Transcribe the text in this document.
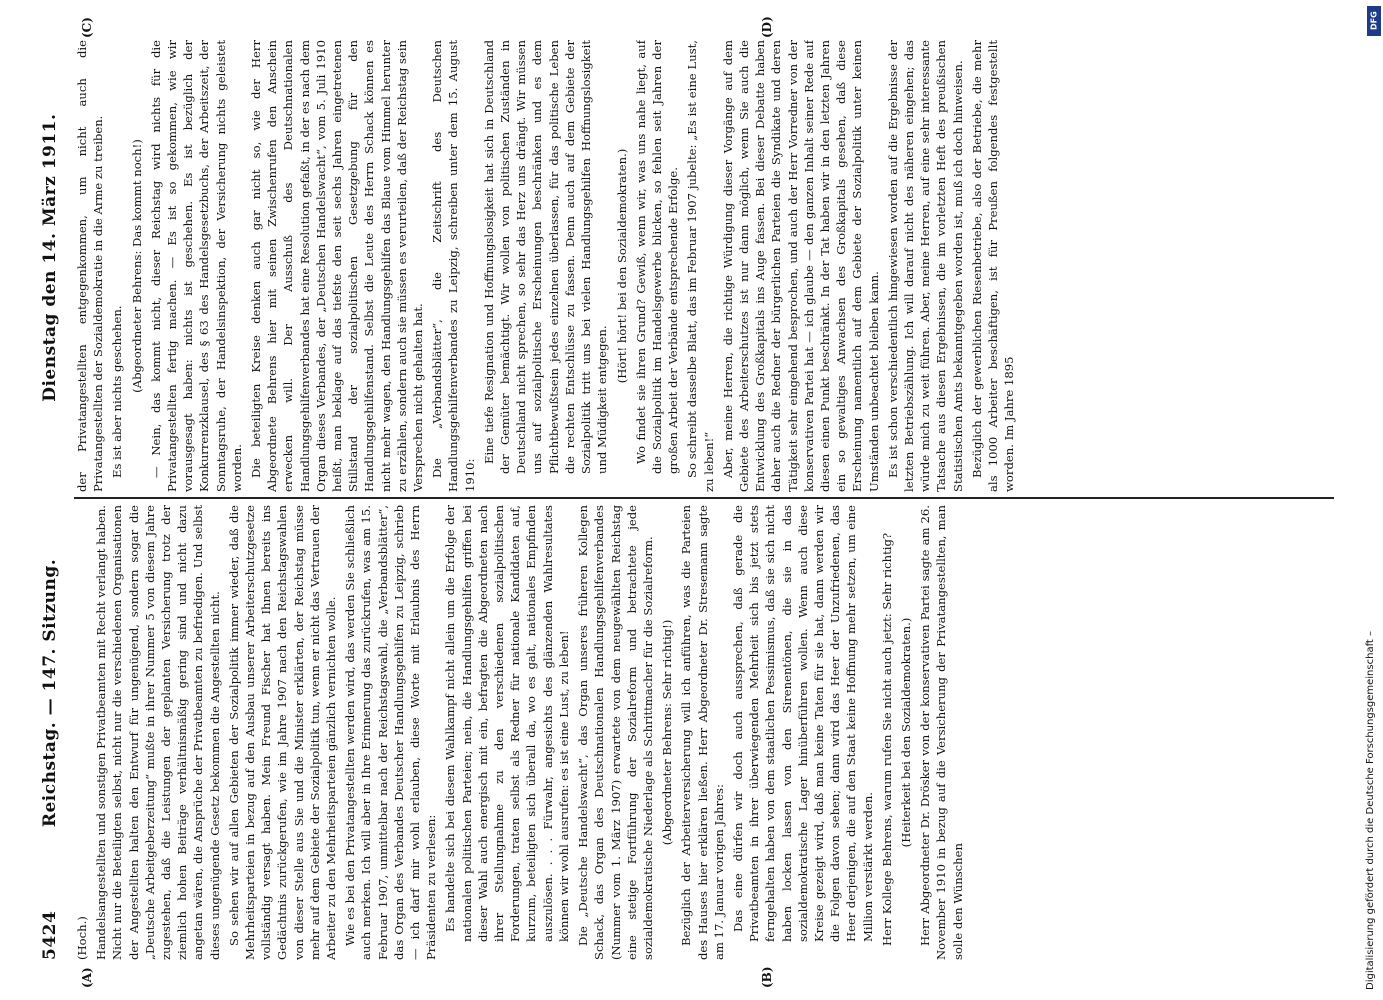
5424
Reichstag. — 147. Sitzung.
Dienstag den 14. März 1911.
(A)	(B)
(C)	(D)

(Hoch.) Handelsangestellten und sonstigen Privatbeamten mit Recht verlangt haben. Nicht nur die Beteiligten selbst, nicht nur die verschiedenen Organisationen der Angestellten halten den Entwurf für ungenügend, sondern sogar die „Deutsche Arbeitgeberzeitung“ mußte in ihrer Nummer 5 von diesem Jahre zugestehen, daß die Leistungen der geplanten Versicherung trotz der ziemlich hohen Beiträge verhältnismäßig gering sind und nicht dazu angetan wären, die Ansprüche der Privatbeamten zu befriedigen. Und selbst dieses ungenügende Gesetz bekommen die Angestellten nicht. So sehen wir auf allen Gebieten der Sozialpolitik immer wieder, daß die Mehrheitsparteien in bezug auf den Ausbau unserer Arbeiterschutzgesetze vollständig versagt haben. Mein Freund Fischer hat Ihnen bereits ins Gedächtnis zurückgerufen, wie im Jahre 1907 nach den Reichstagswahlen von dieser Stelle aus Sie und die Minister erklärten, der Reichstag müsse mehr auf dem Gebiete der Sozialpolitik tun, wenn er nicht das Vertrauen der Arbeiter zu den Mehrheitsparteien gänzlich vernichten wolle. Wie es bei den Privatangestellten werden wird, das werden Sie schließlich auch merken. Ich will aber in Ihre Erinnerung das zurückrufen, was am 15. Februar 1907, unmittelbar nach der Reichstagswahl, die „Verbandsblätter“, das Organ des Verbandes Deutscher Handlungsgehilfen zu Leipzig, schrieb — ich darf mir wohl erlauben, diese Worte mit Erlaubnis des Herrn Präsidenten zu verlesen: Es handelte sich bei diesem Wahlkampf nicht allein um die Erfolge der nationalen politischen Parteien; nein, die Handlungsgehilfen griffen bei dieser Wahl auch energisch mit ein, befragten die Abgeordneten nach ihrer Stellungnahme zu den verschiedenen sozialpolitischen Forderungen, traten selbst als Redner für nationale Kandidaten auf, kurzum, beteiligten sich überall da, wo es galt, nationales Empfinden auszulösen. . . . Fürwahr, angesichts des glänzenden Wahlresultates können wir wohl ausrufen: es ist eine Lust, zu leben! Die „Deutsche Handelswacht“, das Organ unseres früheren Kollegen Schack, das Organ des Deutschnationalen Handlungsgehilfenverbandes (Nummer vom 1. März 1907) erwartete von dem neugewählten Reichstag eine stetige Fortführung der Sozialreform und betrachtete jede sozialdemokratische Niederlage als Schrittmacher für die Sozialreform. (Abgeordneter Behrens: Sehr richtig!) Bezüglich der Arbeiterversicherung will ich anführen, was die Parteien des Hauses hier erklären ließen. Herr Abgeordneter Dr. Stresemann sagte am 17. Januar vorigen Jahres: Das eine dürfen wir doch auch aussprechen, daß gerade die Privatbeamten in ihrer überwiegenden Mehrheit sich bis jetzt stets ferngehalten haben von dem staatlichen Pessimismus, daß sie sich nicht haben locken lassen von den Sirenentönen, die sie in das sozialdemokratische Lager hinüberführen wollen. Wenn auch diese Kreise gezeigt wird, daß man keine Taten für sie hat, dann werden wir die Folgen davon sehen; dann wird das Heer der Unzufriedenen, das Heer derjenigen, die auf den Staat keine Hoffnung mehr setzen, um eine Million verstärkt werden. Herr Kollege Behrens, warum rufen Sie nicht auch jetzt: Sehr richtig? (Heiterkeit bei den Sozialdemokraten.) Herr Abgeordneter Dr. Drösker von der konservativen Partei sagte am 26. November 1910 in bezug auf die Versicherung der Privatangestellten, man solle den Wünschen

der Privatangestellten entgegenkommen, um nicht auch die Privatangestellten der Sozialdemokratie in die Arme zu treiben. Es ist aber nichts geschehen. (Abgeordneter Behrens: Das kommt noch!) — Nein, das kommt nicht, dieser Reichstag wird nichts für die Privatangestellten fertig machen. — Es ist so gekommen, wie wir vorausgesagt haben: nichts ist geschehen. Es ist bezüglich der Konkurrenzklausel, des § 63 des Handelsgesetzbuchs, der Arbeitszeit, der Sonntagsruhe, der Handelsinspektion, der Versicherung nichts geleistet worden. Die beteiligten Kreise denken auch gar nicht so, wie der Herr Abgeordnete Behrens hier mit seinen Zwischenrufen den Anschein erwecken will. Der Ausschuß des Deutschnationalen Handlungsgehilfenverbandes hat eine Resolution gefaßt, in der es nach dem Organ dieses Verbandes, der „Deutschen Handelswacht“, vom 5. Juli 1910 heißt, man beklage auf das tiefste den seit sechs Jahren eingetretenen Stillstand der sozialpolitischen Gesetzgebung für den Handlungsgehilfenstand. Selbst die Leute des Herrn Schack können es nicht mehr wagen, den Handlungsgehilfen das Blaue vom Himmel herunter zu erzählen, sondern auch sie müssen es verurteilen, daß der Reichstag sein Versprechen nicht gehalten hat. Die „Verbandsblätter“, die Zeitschrift des Deutschen Handlungsgehilfenverbandes zu Leipzig, schreiben unter dem 15. August 1910:

Eine tiefe Resignation und Hoffnungslosigkeit hat sich in Deutschland der Gemüter bemächtigt. Wir wollen von politischen Zuständen in Deutschland nicht sprechen, so sehr das Herz uns drängt. Wir müssen uns auf sozialpolitische Erscheinungen beschränken und es dem Pflichtbewußtsein jedes einzelnen überlassen, für das politische Leben die rechten Entschlüsse zu fassen. Denn auch auf dem Gebiete der Sozialpolitik tritt uns bei vielen Handlungsgehilfen Hoffnungslosigkeit und Müdigkeit entgegen.

(Hört! hört! bei den Sozialdemokraten.) Wo findet sie ihren Grund? Gewiß, wenn wir, was uns nahe liegt, auf die Sozialpolitik im Handelsgewerbe blicken, so fehlen seit Jahren der großen Arbeit der Verbände entsprechende Erfolge. So schreibt dasselbe Blatt, das im Februar 1907 jubelte: „Es ist eine Lust, zu leben!“ Aber, meine Herren, die richtige Würdigung dieser Vorgänge auf dem Gebiete des Arbeiterschutzes ist nur dann möglich, wenn Sie auch die Entwicklung des Großkapitals ins Auge fassen. Bei dieser Debatte haben daher auch die Redner der bürgerlichen Parteien die Syndikate und deren Tätigkeit sehr eingehend besprochen, und auch der Herr Vorredner von der konservativen Partei hat — ich glaube — den ganzen Inhalt seiner Rede auf diesen einen Punkt beschränkt. In der Tat haben wir in den letzten Jahren ein so gewaltiges Anwachsen des Großkapitals gesehen, daß diese Erscheinung namentlich auf dem Gebiete der Sozialpolitik unter keinen Umständen unbeachtet bleiben kann. Es ist schon verschiedentlich hingewiesen worden auf die Ergebnisse der letzten Betriebszählung. Ich will darauf nicht des näheren eingehen; das würde mich zu weit führen. Aber, meine Herren, auf eine sehr interessante Tatsache aus diesen Ergebnissen, die im vorletzten Heft des preußischen Statistischen Amts bekanntgegeben worden ist, muß ich doch hinweisen. Bezüglich der gewerblichen Riesenbetriebe, also der Betriebe, die mehr als 1000 Arbeiter beschäftigen, ist für Preußen folgendes festgestellt worden. Im Jahre 1895

DFG
Digitalisierung gefördert durch die Deutsche Forschungsgemeinschaft –
